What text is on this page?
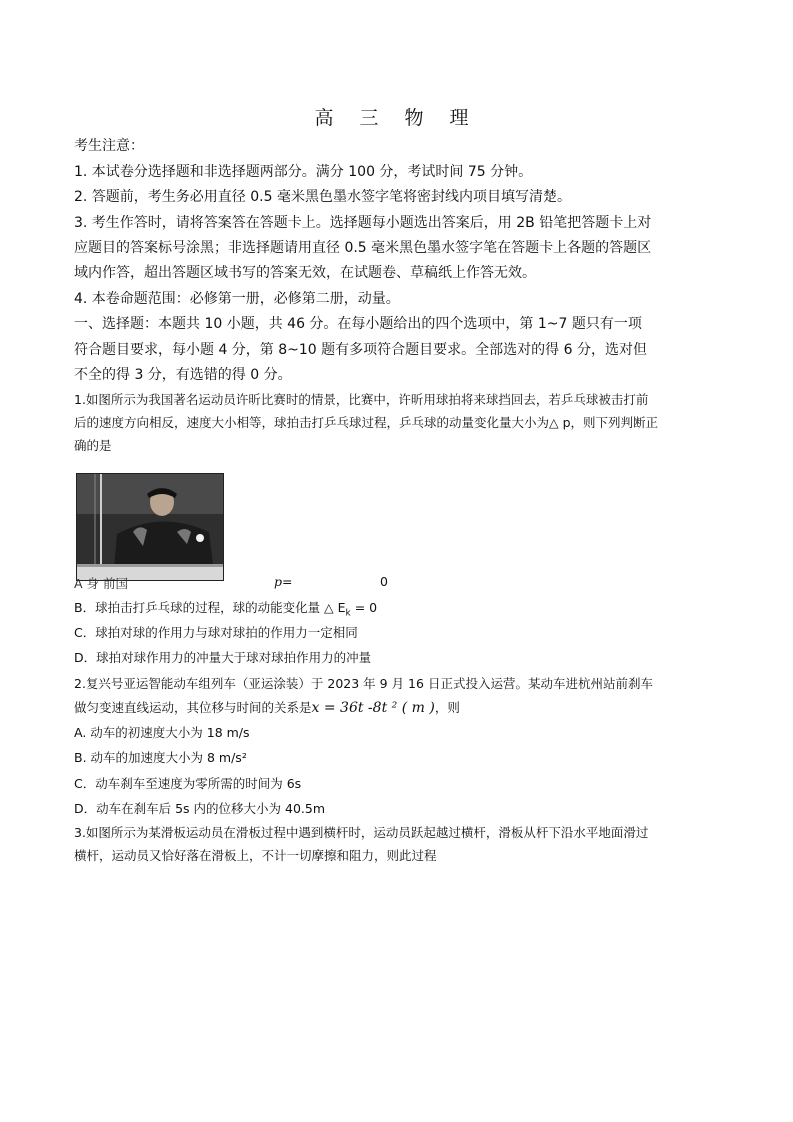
高 三 物 理
考生注意：
1. 本试卷分选择题和非选择题两部分。满分 100 分，考试时间 75 分钟。
2. 答题前，考生务必用直径 0.5 毫米黑色墨水签字笔将密封线内项目填写清楚。
3. 考生作答时，请将答案答在答题卡上。选择题每小题选出答案后，用 2B 铅笔把答题卡上对
应题目的答案标号涂黑；非选择题请用直径 0.5 毫米黑色墨水签字笔在答题卡上各题的答题区
域内作答，超出答题区域书写的答案无效，在试题卷、草稿纸上作答无效。
4. 本卷命题范围：必修第一册，必修第二册，动量。
一、选择题：本题共 10 小题，共 46 分。在每小题给出的四个选项中，第 1~7 题只有一项
符合题目要求，每小题 4 分，第 8~10 题有多项符合题目要求。全部选对的得 6 分，选对但
不全的得 3 分，有选错的得 0 分。
1.如图所示为我国著名运动员许昕比赛时的情景，比赛中，许昕用球拍将来球挡回去，若乒乓球被击打前
后的速度方向相反，速度大小相等，球拍击打乒乓球过程，乒乓球的动量变化量大小为△ p，则下列判断正
确的是
A 身 前国	p=	0
B．球拍击打乒乓球的过程，球的动能变化量 △ $E_k = 0$
C．球拍对球的作用力与球对球拍的作用力一定相同
D．球拍对球作用力的冲量大于球对球拍作用力的冲量
2.复兴号亚运智能动车组列车（亚运涂装）于 2023 年 9 月 16 日正式投入运营。某动车进杭州站前刹车
做匀变速直线运动，其位移与时间的关系是x = 36t -8t ² ( m )，则
A. 动车的初速度大小为 18 m/s
B. 动车的加速度大小为 8 m/s²
C．动车刹车至速度为零所需的时间为 6s
D．动车在刹车后 5s 内的位移大小为 40.5m
3.如图所示为某滑板运动员在滑板过程中遇到横杆时，运动员跃起越过横杆，滑板从杆下沿水平地面滑过
横杆，运动员又恰好落在滑板上，不计一切摩擦和阻力，则此过程
